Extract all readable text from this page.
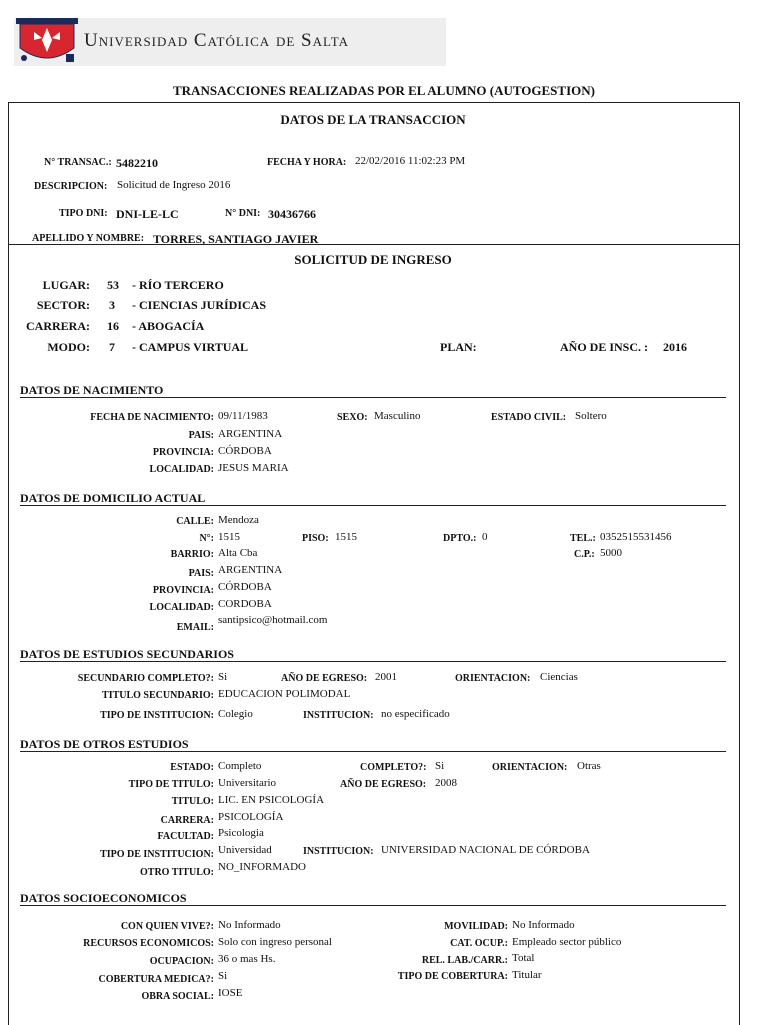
Universidad Católica de Salta
TRANSACCIONES REALIZADAS POR EL ALUMNO (AUTOGESTION)
DATOS DE LA TRANSACCION
N° TRANSAC.: 5482210	FECHA Y HORA: 22/02/2016 11:02:23 PM
DESCRIPCION: Solicitud de Ingreso 2016
TIPO DNI: DNI-LE-LC	N° DNI: 30436766
APELLIDO Y NOMBRE: TORRES, SANTIAGO JAVIER
SOLICITUD DE INGRESO
LUGAR: 53 - RÍO TERCERO
SECTOR: 3 - CIENCIAS JURÍDICAS
CARRERA: 16 - ABOGACÍA
MODO: 7 - CAMPUS VIRTUAL	PLAN:	AÑO DE INSC. : 2016
DATOS DE NACIMIENTO
FECHA DE NACIMIENTO: 09/11/1983	SEXO: Masculino	ESTADO CIVIL: Soltero
PAIS: ARGENTINA
PROVINCIA: CÓRDOBA
LOCALIDAD: JESUS MARIA
DATOS DE DOMICILIO ACTUAL
CALLE: Mendoza
N°: 1515	PISO: 1515	DPTO.: 0	TEL.: 0352515531456
BARRIO: Alta Cba	C.P.: 5000
PAIS: ARGENTINA
PROVINCIA: CÓRDOBA
LOCALIDAD: CORDOBA
EMAIL:
santipsico@hotmail.com
DATOS DE ESTUDIOS SECUNDARIOS
SECUNDARIO COMPLETO?: Si	AÑO DE EGRESO: 2001	ORIENTACION: Ciencias
TITULO SECUNDARIO: EDUCACION POLIMODAL
TIPO DE INSTITUCION: Colegio	INSTITUCION: no especificado
DATOS DE OTROS ESTUDIOS
ESTADO: Completo	COMPLETO?: Si	ORIENTACION: Otras
TIPO DE TITULO: Universitario	AÑO DE EGRESO: 2008
TITULO: LIC. EN PSICOLOGÍA
CARRERA: PSICOLOGÍA
FACULTAD: Psicologia
TIPO DE INSTITUCION: Universidad	INSTITUCION: UNIVERSIDAD NACIONAL DE CÓRDOBA
OTRO TITULO: NO_INFORMADO
DATOS SOCIOECONOMICOS
CON QUIEN VIVE?: No Informado	MOVILIDAD: No Informado
RECURSOS ECONOMICOS: Solo con ingreso personal	CAT. OCUP.: Empleado sector público
OCUPACION: 36 o mas Hs.	REL. LAB./CARR.: Total
COBERTURA MEDICA?: Si	TIPO DE COBERTURA: Titular
OBRA SOCIAL: IOSE
